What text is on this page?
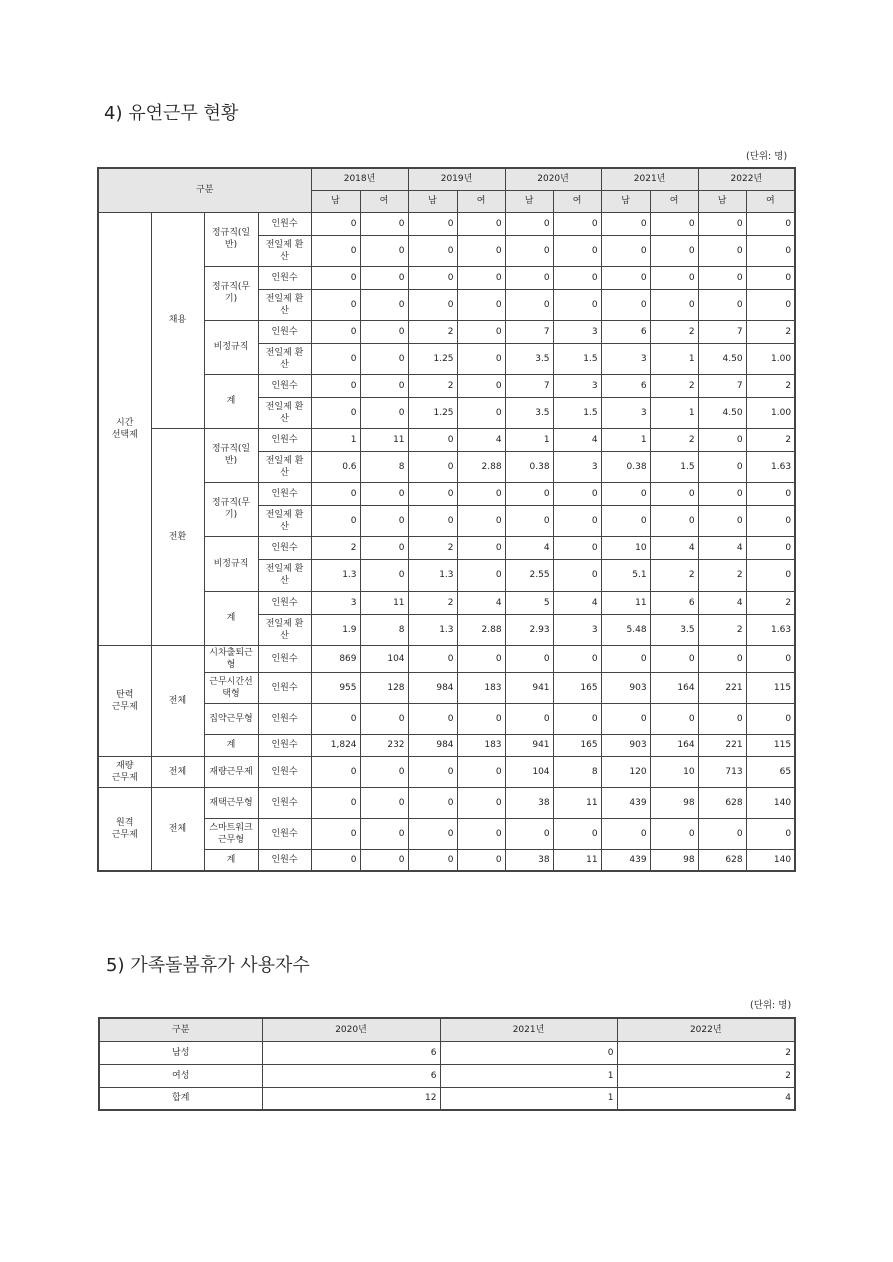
4) 유연근무 현황
(단위: 명)
구분				2018년		2019년		2020년		2021년		2022년	
				남	여	남	여	남	여	남	여	남	여
시간
선택제	채용	정규직(일반)	인원수	0	0	0	0	0	0	0	0	0	0
			전일제 환산	0	0	0	0	0	0	0	0	0	0
		정규직(무기)	인원수	0	0	0	0	0	0	0	0	0	0
			전일제 환산	0	0	0	0	0	0	0	0	0	0
		비정규직	인원수	0	0	2	0	7	3	6	2	7	2
			전일제 환산	0	0	1.25	0	3.5	1.5	3	1	4.50	1.00
		계	인원수	0	0	2	0	7	3	6	2	7	2
			전일제 환산	0	0	1.25	0	3.5	1.5	3	1	4.50	1.00
	전환	정규직(일반)	인원수	1	11	0	4	1	4	1	2	0	2
			전일제 환산	0.6	8	0	2.88	0.38	3	0.38	1.5	0	1.63
		정규직(무기)	인원수	0	0	0	0	0	0	0	0	0	0
			전일제 환산	0	0	0	0	0	0	0	0	0	0
		비정규직	인원수	2	0	2	0	4	0	10	4	4	0
			전일제 환산	1.3	0	1.3	0	2.55	0	5.1	2	2	0
		계	인원수	3	11	2	4	5	4	11	6	4	2
			전일제 환산	1.9	8	1.3	2.88	2.93	3	5.48	3.5	2	1.63
탄력
근무제	전체	시차출퇴근형	인원수	869	104	0	0	0	0	0	0	0	0
		근무시간선택형	인원수	955	128	984	183	941	165	903	164	221	115
		집약근무형	인원수	0	0	0	0	0	0	0	0	0	0
		계	인원수	1,824	232	984	183	941	165	903	164	221	115
재량
근무제	전체	재량근무제	인원수	0	0	0	0	104	8	120	10	713	65
원격
근무제	전체	재택근무형	인원수	0	0	0	0	38	11	439	98	628	140
		스마트워크근무형	인원수	0	0	0	0	0	0	0	0	0	0
		계	인원수	0	0	0	0	38	11	439	98	628	140
5) 가족돌봄휴가 사용자수
(단위: 명)
구분	2020년	2021년	2022년
남성	6	0	2
여성	6	1	2
합계	12	1	4
